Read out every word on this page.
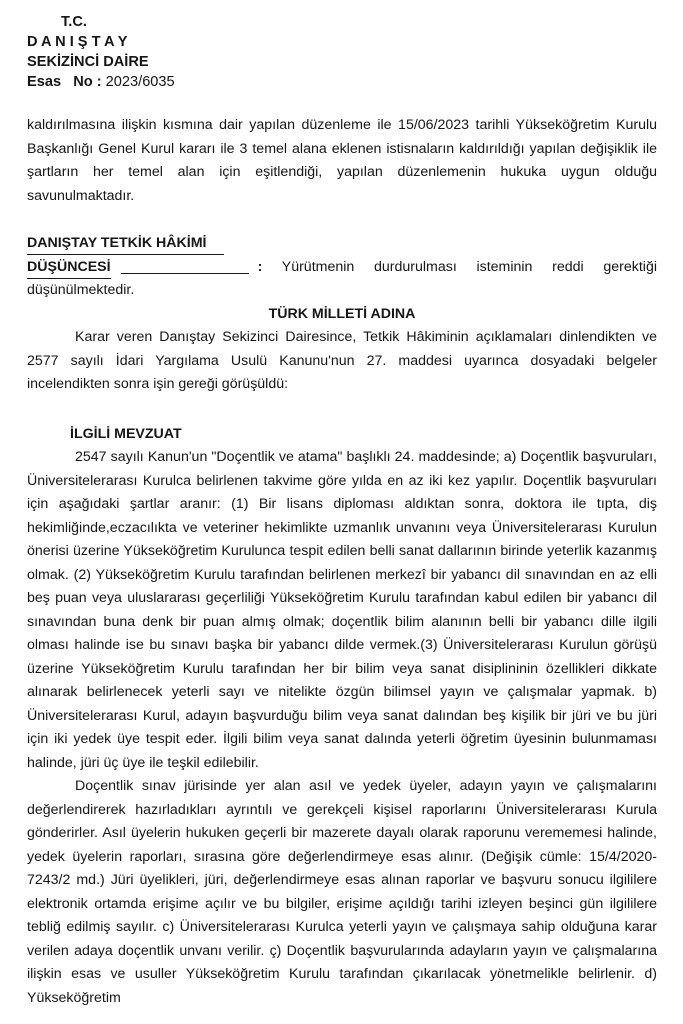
T.C.
D A N I Ş T A Y
SEKİZİNCİ DAİRE
Esas   No : 2023/6035

kaldırılmasına ilişkin kısmına dair yapılan düzenleme ile 15/06/2023 tarihli Yükseköğretim Kurulu Başkanlığı Genel Kurul kararı ile 3 temel alana eklenen istisnaların kaldırıldığı yapılan değişiklik ile şartların her temel alan için eşitlendiği, yapılan düzenlemenin hukuka uygun olduğu savunulmaktadır.

DANIŞTAY TETKİK HÂKİMİ

DÜŞÜNCESİ	: Yürütmenin durdurulması isteminin reddi gerektiği düşünülmektedir.

TÜRK MİLLETİ ADINA

Karar veren Danıştay Sekizinci Dairesince, Tetkik Hâkiminin açıklamaları dinlendikten ve 2577 sayılı İdari Yargılama Usulü Kanunu'nun 27. maddesi uyarınca dosyadaki belgeler incelendikten sonra işin gereği görüşüldü:

İLGİLİ MEVZUAT

2547 sayılı Kanun'un "Doçentlik ve atama" başlıklı 24. maddesinde; a) Doçentlik başvuruları, Üniversitelerarası Kurulca belirlenen takvime göre yılda en az iki kez yapılır. Doçentlik başvuruları için aşağıdaki şartlar aranır: (1) Bir lisans diploması aldıktan sonra, doktora ile tıpta, diş hekimliğinde,eczacılıkta ve veteriner hekimlikte uzmanlık unvanını veya Üniversitelerarası Kurulun önerisi üzerine Yükseköğretim Kurulunca tespit edilen belli sanat dallarının birinde yeterlik kazanmış olmak. (2) Yükseköğretim Kurulu tarafından belirlenen merkezî bir yabancı dil sınavından en az elli beş puan veya uluslararası geçerliliği Yükseköğretim Kurulu tarafından kabul edilen bir yabancı dil sınavından buna denk bir puan almış olmak; doçentlik bilim alanının belli bir yabancı dille ilgili olması halinde ise bu sınavı başka bir yabancı dilde vermek.(3) Üniversitelerarası Kurulun görüşü üzerine Yükseköğretim Kurulu tarafından her bir bilim veya sanat disiplininin özellikleri dikkate alınarak belirlenecek yeterli sayı ve nitelikte özgün bilimsel yayın ve çalışmalar yapmak. b) Üniversitelerarası Kurul, adayın başvurduğu bilim veya sanat dalından beş kişilik bir jüri ve bu jüri için iki yedek üye tespit eder. İlgili bilim veya sanat dalında yeterli öğretim üyesinin bulunmaması halinde, jüri üç üye ile teşkil edilebilir.

Doçentlik sınav jürisinde yer alan asıl ve yedek üyeler, adayın yayın ve çalışmalarını değerlendirerek hazırladıkları ayrıntılı ve gerekçeli kişisel raporlarını Üniversitelerarası Kurula gönderirler. Asıl üyelerin hukuken geçerli bir mazerete dayalı olarak raporunu verememesi halinde, yedek üyelerin raporları, sırasına göre değerlendirmeye esas alınır. (Değişik cümle: 15/4/2020-7243/2 md.) Jüri üyelikleri, jüri, değerlendirmeye esas alınan raporlar ve başvuru sonucu ilgililere elektronik ortamda erişime açılır ve bu bilgiler, erişime açıldığı tarihi izleyen beşinci gün ilgililere tebliğ edilmiş sayılır. c) Üniversitelerarası Kurulca yeterli yayın ve çalışmaya sahip olduğuna karar verilen adaya doçentlik unvanı verilir. ç) Doçentlik başvurularında adayların yayın ve çalışmalarına ilişkin esas ve usuller Yükseköğretim Kurulu tarafından çıkarılacak yönetmelikle belirlenir. d) Yükseköğretim
